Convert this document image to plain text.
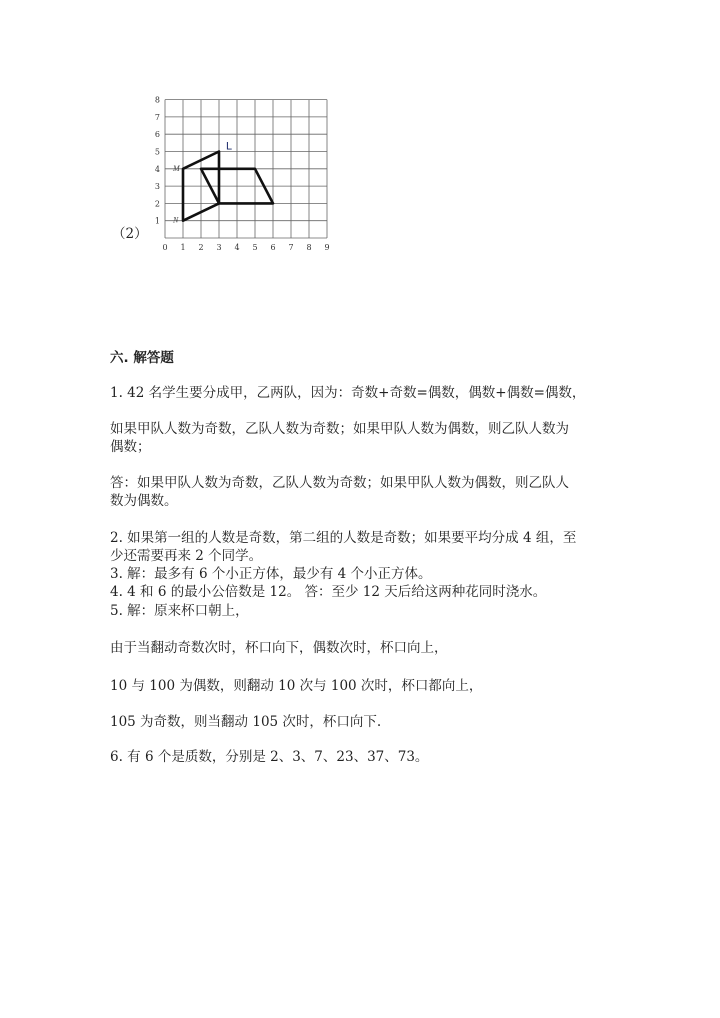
（2）
0 1 2 3 4 5 6 7 8 9
1
2
3
4
5
6
7
8
M
N
L
六. 解答题
1. 42 名学生要分成甲，乙两队，因为：奇数+奇数=偶数，偶数+偶数=偶数，
如果甲队人数为奇数，乙队人数为奇数；如果甲队人数为偶数，则乙队人数为
偶数；
答：如果甲队人数为奇数，乙队人数为奇数；如果甲队人数为偶数，则乙队人
数为偶数。
2. 如果第一组的人数是奇数，第二组的人数是奇数；如果要平均分成 4 组，至
少还需要再来 2 个同学。
3. 解：最多有 6 个小正方体，最少有 4 个小正方体。
4. 4 和 6 的最小公倍数是 12。 答：至少 12 天后给这两种花同时浇水。
5. 解：原来杯口朝上，
由于当翻动奇数次时，杯口向下，偶数次时，杯口向上，
10 与 100 为偶数，则翻动 10 次与 100 次时，杯口都向上，
105 为奇数，则当翻动 105 次时，杯口向下.
6. 有 6 个是质数，分别是 2、3、7、23、37、73。
